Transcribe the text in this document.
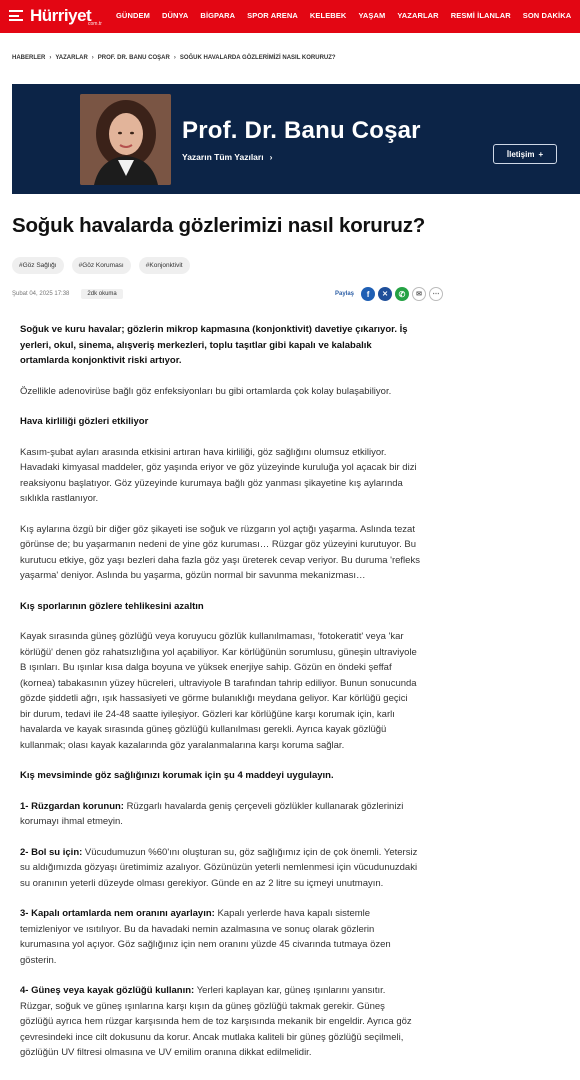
Hürriyet
com.tr
GÜNDEM DÜNYA BİGPARA SPOR ARENA KELEBEK YAŞAM YAZARLAR RESMİ İLANLAR SON DAKİKA
HABERLER › YAZARLAR › PROF. DR. BANU COŞAR › SOĞUK HAVALARDA GÖZLERİMİZİ NASIL KORURUZ?
Prof. Dr. Banu Coşar
Yazarın Tüm Yazıları ›	İletişim +
Soğuk havalarda gözlerimizi nasıl koruruz?
#Göz Sağlığı	#Göz Koruması	#Konjonktivit
Şubat 04, 2025 17:38	2dk okuma	Paylaş	f	✕	✆	✉	⋯

Soğuk ve kuru havalar; gözlerin mikrop kapmasına (konjonktivit) davetiye çıkarıyor. İş yerleri, okul, sinema, alışveriş merkezleri, toplu taşıtlar gibi kapalı ve kalabalık ortamlarda konjonktivit riski artıyor.

Özellikle adenovirüse bağlı göz enfeksiyonları bu gibi ortamlarda çok kolay bulaşabiliyor.

Hava kirliliği gözleri etkiliyor

Kasım-şubat ayları arasında etkisini artıran hava kirliliği, göz sağlığını olumsuz etkiliyor. Havadaki kimyasal maddeler, göz yaşında eriyor ve göz yüzeyinde kuruluğa yol açacak bir dizi reaksiyonu başlatıyor. Göz yüzeyinde kurumaya bağlı göz yanması şikayetine kış aylarında sıklıkla rastlanıyor.

Kış aylarına özgü bir diğer göz şikayeti ise soğuk ve rüzgarın yol açtığı yaşarma. Aslında tezat görünse de; bu yaşarmanın nedeni de yine göz kuruması… Rüzgar göz yüzeyini kurutuyor. Bu kurutucu etkiye, göz yaşı bezleri daha fazla göz yaşı üreterek cevap veriyor. Bu duruma 'refleks yaşarma' deniyor. Aslında bu yaşarma, gözün normal bir savunma mekanizması…

Kış sporlarının gözlere tehlikesini azaltın

Kayak sırasında güneş gözlüğü veya koruyucu gözlük kullanılmaması, 'fotokeratit' veya 'kar körlüğü' denen göz rahatsızlığına yol açabiliyor. Kar körlüğünün sorumlusu, güneşin ultraviyole B ışınları. Bu ışınlar kısa dalga boyuna ve yüksek enerjiye sahip. Gözün en öndeki şeffaf (kornea) tabakasının yüzey hücreleri, ultraviyole B tarafından tahrip ediliyor. Bunun sonucunda gözde şiddetli ağrı, ışık hassasiyeti ve görme bulanıklığı meydana geliyor. Kar körlüğü geçici bir durum, tedavi ile 24-48 saatte iyileşiyor. Gözleri kar körlüğüne karşı korumak için, karlı havalarda ve kayak sırasında güneş gözlüğü kullanılması gerekli. Ayrıca kayak gözlüğü kullanmak; olası kayak kazalarında göz yaralanmalarına karşı koruma sağlar.

Kış mevsiminde göz sağlığınızı korumak için şu 4 maddeyi uygulayın.

1- Rüzgardan korunun: Rüzgarlı havalarda geniş çerçeveli gözlükler kullanarak gözlerinizi korumayı ihmal etmeyin.

2- Bol su için: Vücudumuzun %60'ını oluşturan su, göz sağlığımız için de çok önemli. Yetersiz su aldığımızda gözyaşı üretimimiz azalıyor. Gözünüzün yeterli nemlenmesi için vücudunuzdaki su oranının yeterli düzeyde olması gerekiyor. Günde en az 2 litre su içmeyi unutmayın.

3- Kapalı ortamlarda nem oranını ayarlayın: Kapalı yerlerde hava kapalı sistemle temizleniyor ve ısıtılıyor. Bu da havadaki nemin azalmasına ve sonuç olarak gözlerin kurumasına yol açıyor. Göz sağlığınız için nem oranını yüzde 45 civarında tutmaya özen gösterin.

4- Güneş veya kayak gözlüğü kullanın: Yerleri kaplayan kar, güneş ışınlarını yansıtır. Rüzgar, soğuk ve güneş ışınlarına karşı kışın da güneş gözlüğü takmak gerekir. Güneş gözlüğü ayrıca hem rüzgar karşısında hem de toz karşısında mekanik bir engeldir. Ayrıca göz çevresindeki ince cilt dokusunu da korur. Ancak mutlaka kaliteli bir güneş gözlüğü seçilmeli, gözlüğün UV filtresi olmasına ve UV emilim oranına dikkat edilmelidir.
